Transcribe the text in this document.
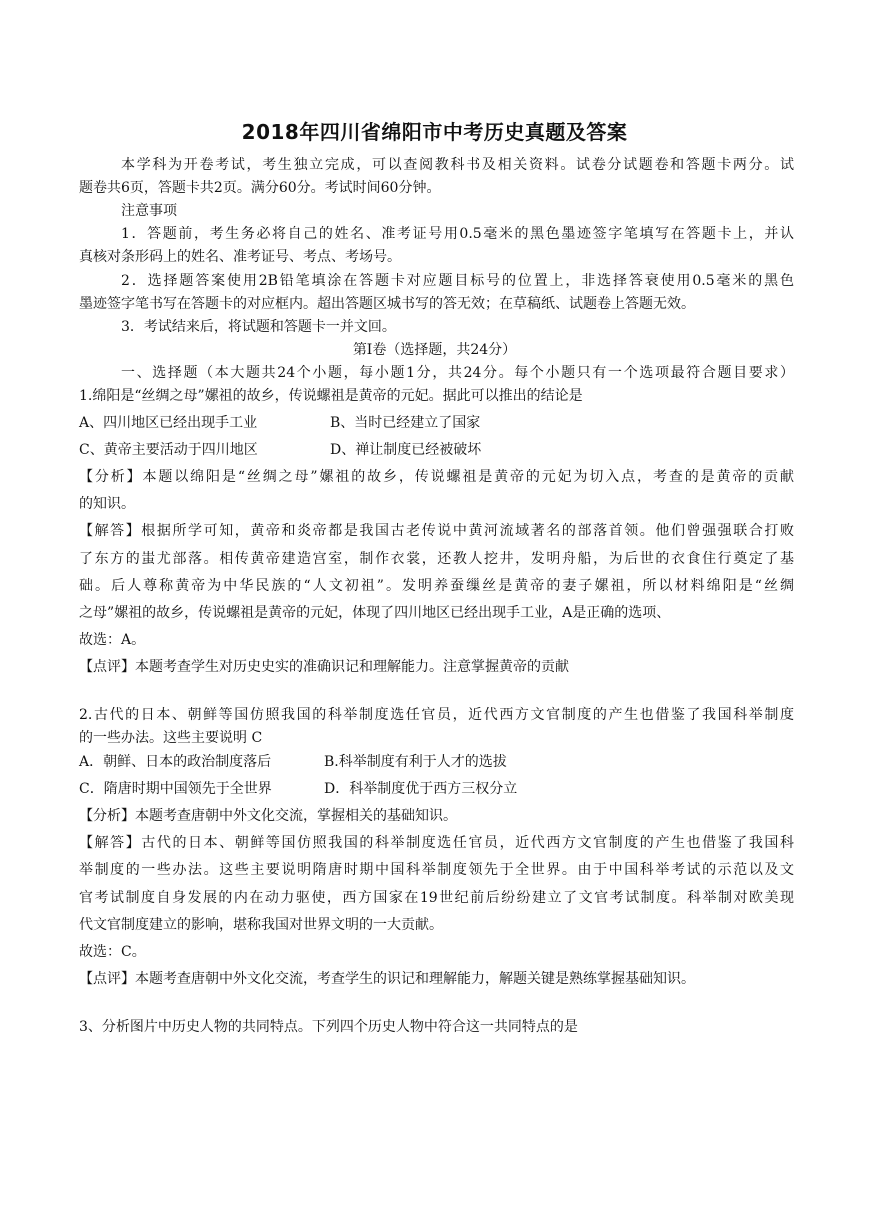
2018年四川省绵阳市中考历史真题及答案
本学科为开卷考试，考生独立完成，可以查阅教科书及相关资料。试卷分试题卷和答题卡两分。试
题卷共6页，答题卡共2页。满分60分。考试时间60分钟。
注意事项
1．答题前，考生务必将自己的姓名、准考证号用0.5毫米的黑色墨迹签字笔填写在答题卡上，并认
真核对条形码上的姓名、准考证号、考点、考场号。
2．选择题答案使用2B铅笔填涂在答题卡对应题目标号的位置上，非选择答衰使用0.5毫米的黑色
墨迹签字笔书写在答题卡的对应框内。超出答题区城书写的答无效；在草稿纸、试题卷上答题无效。
3．考试结来后，将试题和答题卡一并文回。
第Ⅰ卷（选择题，共24分）
一、选择题（本大题共24个小题，每小题1分，共24分。每个小题只有一个选项最符合题目要求）
1.绵阳是“丝绸之母”嫘祖的故乡，传说螺祖是黄帝的元妃。据此可以推出的结论是
A、四川地区已经出现手工业	B、当时已经建立了国家
C、黄帝主要活动于四川地区	D、禅让制度已经被破坏
【分析】本题以绵阳是“丝绸之母”嫘祖的故乡，传说螺祖是黄帝的元妃为切入点，考查的是黄帝的贡献
的知识。
【解答】根据所学可知，黄帝和炎帝都是我国古老传说中黄河流域著名的部落首领。他们曾强强联合打败
了东方的蚩尤部落。相传黄帝建造宫室，制作衣裳，还教人挖井，发明舟船，为后世的衣食住行奠定了基
础。后人尊称黄帝为中华民族的“人文初祖”。发明养蚕缫丝是黄帝的妻子嫘祖，所以材料绵阳是“丝绸
之母”嫘祖的故乡，传说螺祖是黄帝的元妃，体现了四川地区已经出现手工业，A是正确的选项、
故选：A。
【点评】本题考查学生对历史史实的准确识记和理解能力。注意掌握黄帝的贡献
2.古代的日本、朝鲜等国仿照我国的科举制度选任官员，近代西方文官制度的产生也借鉴了我国科举制度
的一些办法。这些主要说明 C
A．朝鲜、日本的政治制度落后	B.科举制度有利于人才的选拔
C．隋唐时期中国领先于全世界	D．科举制度优于西方三权分立
【分析】本题考查唐朝中外文化交流，掌握相关的基础知识。
【解答】古代的日本、朝鲜等国仿照我国的科举制度选任官员，近代西方文官制度的产生也借鉴了我国科
举制度的一些办法。这些主要说明隋唐时期中国科举制度领先于全世界。由于中国科举考试的示范以及文
官考试制度自身发展的内在动力驱使，西方国家在19世纪前后纷纷建立了文官考试制度。科举制对欧美现
代文官制度建立的影响，堪称我国对世界文明的一大贡献。
故选：C。
【点评】本题考查唐朝中外文化交流，考查学生的识记和理解能力，解题关键是熟练掌握基础知识。
3、分析图片中历史人物的共同特点。下列四个历史人物中符合这一共同特点的是
